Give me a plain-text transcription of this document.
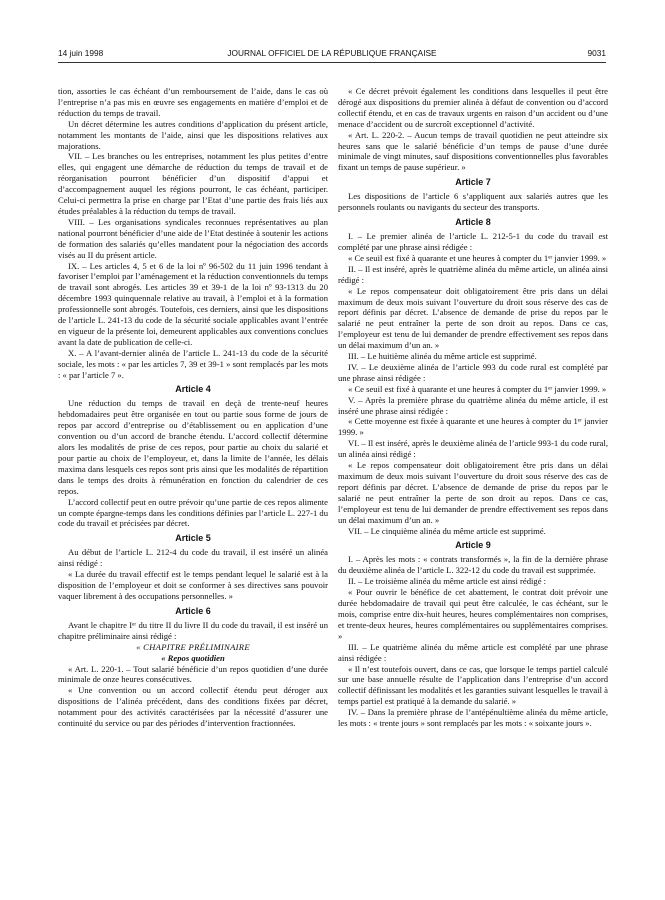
14 juin 1998	JOURNAL OFFICIEL DE LA RÉPUBLIQUE FRANÇAISE	9031

tion, assorties le cas échéant d’un remboursement de l’aide, dans le cas où l’entreprise n’a pas mis en œuvre ses engagements en matière d’emploi et de réduction du temps de travail.

Un décret détermine les autres conditions d’application du présent article, notamment les montants de l’aide, ainsi que les dispositions relatives aux majorations.

VII. – Les branches ou les entreprises, notamment les plus petites d’entre elles, qui engagent une démarche de réduction du temps de travail et de réorganisation pourront bénéficier d’un dispositif d’appui et d’accompagnement auquel les régions pourront, le cas échéant, participer. Celui-ci permettra la prise en charge par l’Etat d’une partie des frais liés aux études préalables à la réduction du temps de travail.

VIII. – Les organisations syndicales reconnues représentatives au plan national pourront bénéficier d’une aide de l’Etat destinée à soutenir les actions de formation des salariés qu’elles mandatent pour la négociation des accords visés au II du présent article.

IX. – Les articles 4, 5 et 6 de la loi nº 96-502 du 11 juin 1996 tendant à favoriser l’emploi par l’aménagement et la réduction conventionnels du temps de travail sont abrogés. Les articles 39 et 39-1 de la loi nº 93-1313 du 20 décembre 1993 quinquennale relative au travail, à l’emploi et à la formation professionnelle sont abrogés. Toutefois, ces derniers, ainsi que les dispositions de l’article L. 241-13 du code de la sécurité sociale applicables avant l’entrée en vigueur de la présente loi, demeurent applicables aux conventions conclues avant la date de publication de celle-ci.

X. – A l’avant-dernier alinéa de l’article L. 241-13 du code de la sécurité sociale, les mots : « par les articles 7, 39 et 39-1 » sont remplacés par les mots : « par l’article 7 ».

Article 4

Une réduction du temps de travail en deçà de trente-neuf heures hebdomadaires peut être organisée en tout ou partie sous forme de jours de repos par accord d’entreprise ou d’établissement ou en application d’une convention ou d’un accord de branche étendu. L’accord collectif détermine alors les modalités de prise de ces repos, pour partie au choix du salarié et pour partie au choix de l’employeur, et, dans la limite de l’année, les délais maxima dans lesquels ces repos sont pris ainsi que les modalités de répartition dans le temps des droits à rémunération en fonction du calendrier de ces repos.

L’accord collectif peut en outre prévoir qu’une partie de ces repos alimente un compte épargne-temps dans les conditions définies par l’article L. 227-1 du code du travail et précisées par décret.

Article 5

Au début de l’article L. 212-4 du code du travail, il est inséré un alinéa ainsi rédigé :

« La durée du travail effectif est le temps pendant lequel le salarié est à la disposition de l’employeur et doit se conformer à ses directives sans pouvoir vaquer librement à des occupations personnelles. »

Article 6

Avant le chapitre Iᵉʳ du titre II du livre II du code du travail, il est inséré un chapitre préliminaire ainsi rédigé :

« CHAPITRE PRÉLIMINAIRE

« Repos quotidien

« Art. L. 220-1. – Tout salarié bénéficie d’un repos quotidien d’une durée minimale de onze heures consécutives.

« Une convention ou un accord collectif étendu peut déroger aux dispositions de l’alinéa précédent, dans des conditions fixées par décret, notamment pour des activités caractérisées par la nécessité d’assurer une continuité du service ou par des périodes d’intervention fractionnées.

« Ce décret prévoit également les conditions dans lesquelles il peut être dérogé aux dispositions du premier alinéa à défaut de convention ou d’accord collectif étendu, et en cas de travaux urgents en raison d’un accident ou d’une menace d’accident ou de surcroît exceptionnel d’activité.

« Art. L. 220-2. – Aucun temps de travail quotidien ne peut atteindre six heures sans que le salarié bénéficie d’un temps de pause d’une durée minimale de vingt minutes, sauf dispositions conventionnelles plus favorables fixant un temps de pause supérieur. »

Article 7

Les dispositions de l’article 6 s’appliquent aux salariés autres que les personnels roulants ou navigants du secteur des transports.

Article 8

I. – Le premier alinéa de l’article L. 212-5-1 du code du travail est complété par une phrase ainsi rédigée :

« Ce seuil est fixé à quarante et une heures à compter du 1ᵉʳ janvier 1999. »

II. – Il est inséré, après le quatrième alinéa du même article, un alinéa ainsi rédigé :

« Le repos compensateur doit obligatoirement être pris dans un délai maximum de deux mois suivant l’ouverture du droit sous réserve des cas de report définis par décret. L’absence de demande de prise du repos par le salarié ne peut entraîner la perte de son droit au repos. Dans ce cas, l’employeur est tenu de lui demander de prendre effectivement ses repos dans un délai maximum d’un an. »

III. – Le huitième alinéa du même article est supprimé.

IV. – Le deuxième alinéa de l’article 993 du code rural est complété par une phrase ainsi rédigée :

« Ce seuil est fixé à quarante et une heures à compter du 1ᵉʳ janvier 1999. »

V. – Après la première phrase du quatrième alinéa du même article, il est inséré une phrase ainsi rédigée :

« Cette moyenne est fixée à quarante et une heures à compter du 1ᵉʳ janvier 1999. »

VI. – Il est inséré, après le deuxième alinéa de l’article 993-1 du code rural, un alinéa ainsi rédigé :

« Le repos compensateur doit obligatoirement être pris dans un délai maximum de deux mois suivant l’ouverture du droit sous réserve des cas de report définis par décret. L’absence de demande de prise du repos par le salarié ne peut entraîner la perte de son droit au repos. Dans ce cas, l’employeur est tenu de lui demander de prendre effectivement ses repos dans un délai maximum d’un an. »

VII. – Le cinquième alinéa du même article est supprimé.

Article 9

I. – Après les mots : « contrats transformés », la fin de la dernière phrase du deuxième alinéa de l’article L. 322-12 du code du travail est supprimée.

II. – Le troisième alinéa du même article est ainsi rédigé :

« Pour ouvrir le bénéfice de cet abattement, le contrat doit prévoir une durée hebdomadaire de travail qui peut être calculée, le cas échéant, sur le mois, comprise entre dix-huit heures, heures complémentaires non comprises, et trente-deux heures, heures complémentaires ou supplémentaires comprises. »

III. – Le quatrième alinéa du même article est complété par une phrase ainsi rédigée :

« Il n’est toutefois ouvert, dans ce cas, que lorsque le temps partiel calculé sur une base annuelle résulte de l’application dans l’entreprise d’un accord collectif définissant les modalités et les garanties suivant lesquelles le travail à temps partiel est pratiqué à la demande du salarié. »

IV. – Dans la première phrase de l’antépénultième alinéa du même article, les mots : « trente jours » sont remplacés par les mots : « soixante jours ».
